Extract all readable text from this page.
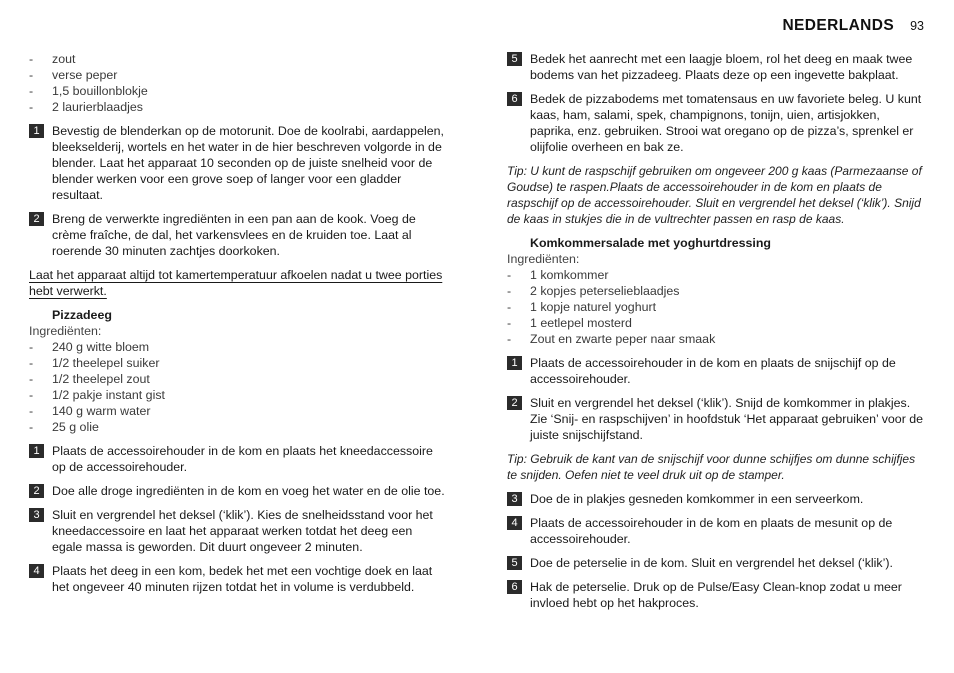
NEDERLANDS 93
-	zout
-	verse peper
-	1,5 bouillonblokje
-	2 laurierblaadjes
1	Bevestig de blenderkan op de motorunit. Doe de koolrabi, aardappelen, bleekselderij, wortels en het water in de hier beschreven volgorde in de blender. Laat het apparaat 10 seconden op de juiste snelheid voor de blender werken voor een grove soep of langer voor een gladder resultaat.
2	Breng de verwerkte ingrediënten in een pan aan de kook. Voeg de crème fraîche, de dal, het varkensvlees en de kruiden toe. Laat al roerende 30 minuten zachtjes doorkoken.
Laat het apparaat altijd tot kamertemperatuur afkoelen nadat u twee porties hebt verwerkt.
Pizzadeeg
Ingrediënten:
-	240 g witte bloem
-	1/2 theelepel suiker
-	1/2 theelepel zout
-	1/2 pakje instant gist
-	140 g warm water
-	25 g olie
1	Plaats de accessoirehouder in de kom en plaats het kneedaccessoire op de accessoirehouder.
2	Doe alle droge ingrediënten in de kom en voeg het water en de olie toe.
3	Sluit en vergrendel het deksel (‘klik’). Kies de snelheidsstand voor het kneedaccessoire en laat het apparaat werken totdat het deeg een egale massa is geworden. Dit duurt ongeveer 2 minuten.
4	Plaats het deeg in een kom, bedek het met een vochtige doek en laat het ongeveer 40 minuten rijzen totdat het in volume is verdubbeld.
5	Bedek het aanrecht met een laagje bloem, rol het deeg en maak twee bodems van het pizzadeeg. Plaats deze op een ingevette bakplaat.
6	Bedek de pizzabodems met tomatensaus en uw favoriete beleg. U kunt kaas, ham, salami, spek, champignons, tonijn, uien, artisjokken, paprika, enz. gebruiken. Strooi wat oregano op de pizza’s, sprenkel er olijfolie overheen en bak ze.
Tip: U kunt de raspschijf gebruiken om ongeveer 200 g kaas (Parmezaanse of Goudse) te raspen.Plaats de accessoirehouder in de kom en plaats de raspschijf op de accessoirehouder. Sluit en vergrendel het deksel (‘klik’). Snijd de kaas in stukjes die in de vultrechter passen en rasp de kaas.
Komkommersalade met yoghurtdressing
Ingrediënten:
-	1 komkommer
-	2 kopjes peterselieblaadjes
-	1 kopje naturel yoghurt
-	1 eetlepel mosterd
-	Zout en zwarte peper naar smaak
1	Plaats de accessoirehouder in de kom en plaats de snijschijf op de accessoirehouder.
2	Sluit en vergrendel het deksel (‘klik’). Snijd de komkommer in plakjes. Zie ‘Snij- en raspschijven’ in hoofdstuk ‘Het apparaat gebruiken’ voor de juiste snijschijfstand.
Tip: Gebruik de kant van de snijschijf voor dunne schijfjes om dunne schijfjes te snijden. Oefen niet te veel druk uit op de stamper.
3	Doe de in plakjes gesneden komkommer in een serveerkom.
4	Plaats de accessoirehouder in de kom en plaats de mesunit op de accessoirehouder.
5	Doe de peterselie in de kom. Sluit en vergrendel het deksel (‘klik’).
6	Hak de peterselie. Druk op de Pulse/Easy Clean-knop zodat u meer invloed hebt op het hakproces.
